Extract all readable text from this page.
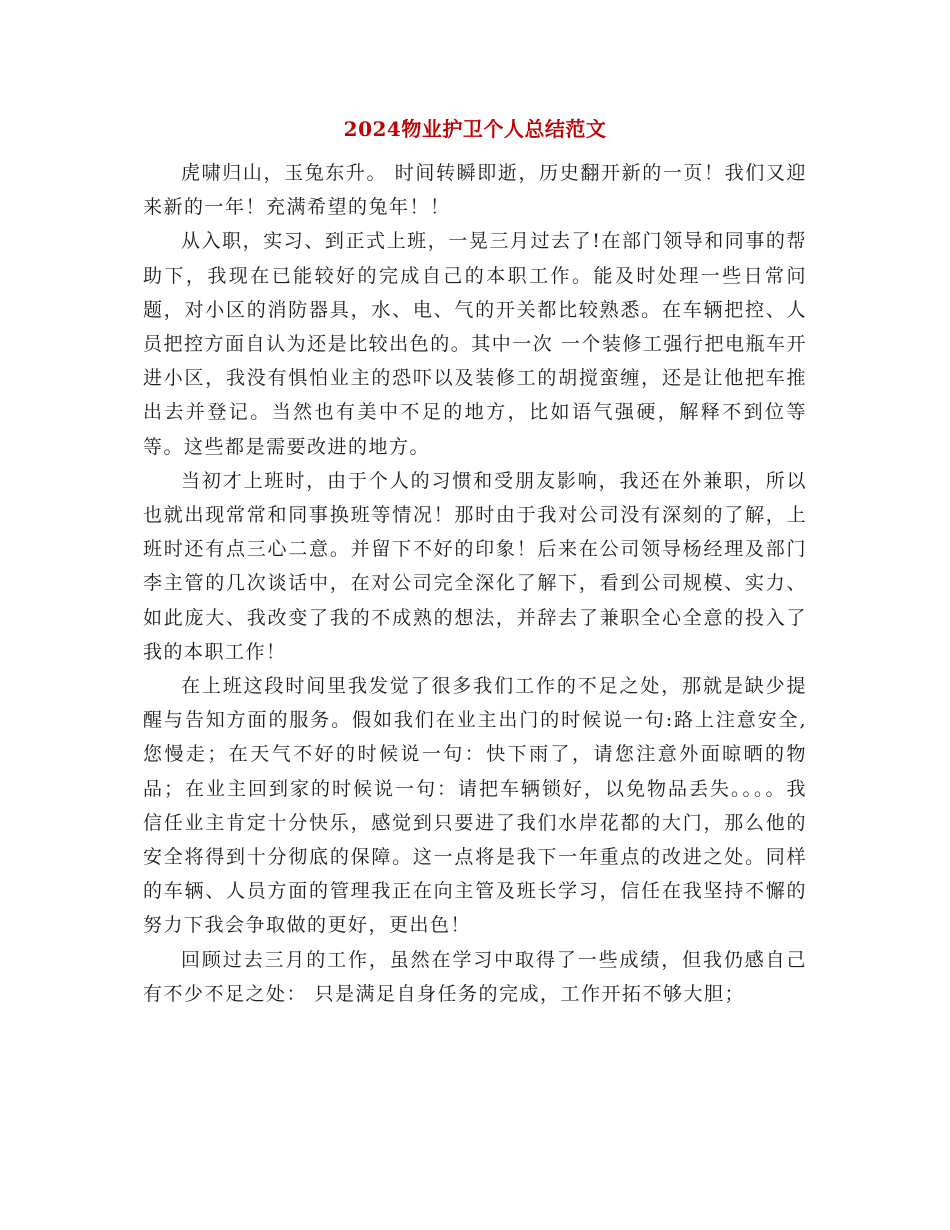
2024物业护卫个人总结范文

虎啸归山，玉兔东升。 时间转瞬即逝，历史翻开新的一页！我们又迎来新的一年！充满希望的兔年！！

从入职，实习、到正式上班，一晃三月过去了!在部门领导和同事的帮助下，我现在已能较好的完成自己的本职工作。能及时处理一些日常问题，对小区的消防器具，水、电、气的开关都比较熟悉。在车辆把控、人员把控方面自认为还是比较出色的。其中一次 一个装修工强行把电瓶车开进小区，我没有惧怕业主的恐吓以及装修工的胡搅蛮缠，还是让他把车推出去并登记。当然也有美中不足的地方，比如语气强硬，解释不到位等等。这些都是需要改进的地方。

当初才上班时，由于个人的习惯和受朋友影响，我还在外兼职，所以也就出现常常和同事换班等情况！那时由于我对公司没有深刻的了解，上班时还有点三心二意。并留下不好的印象！后来在公司领导杨经理及部门李主管的几次谈话中，在对公司完全深化了解下，看到公司规模、实力、如此庞大、我改变了我的不成熟的想法，并辞去了兼职全心全意的投入了我的本职工作！

在上班这段时间里我发觉了很多我们工作的不足之处，那就是缺少提醒与告知方面的服务。假如我们在业主出门的时候说一句:路上注意安全,您慢走；在天气不好的时候说一句：快下雨了，请您注意外面晾晒的物品；在业主回到家的时候说一句：请把车辆锁好，以免物品丢失。。。。我信任业主肯定十分快乐，感觉到只要进了我们水岸花都的大门，那么他的安全将得到十分彻底的保障。这一点将是我下一年重点的改进之处。同样的车辆、人员方面的管理我正在向主管及班长学习，信任在我坚持不懈的努力下我会争取做的更好，更出色！

回顾过去三月的工作，虽然在学习中取得了一些成绩，但我仍感自己有不少不足之处： 只是满足自身任务的完成，工作开拓不够大胆；
